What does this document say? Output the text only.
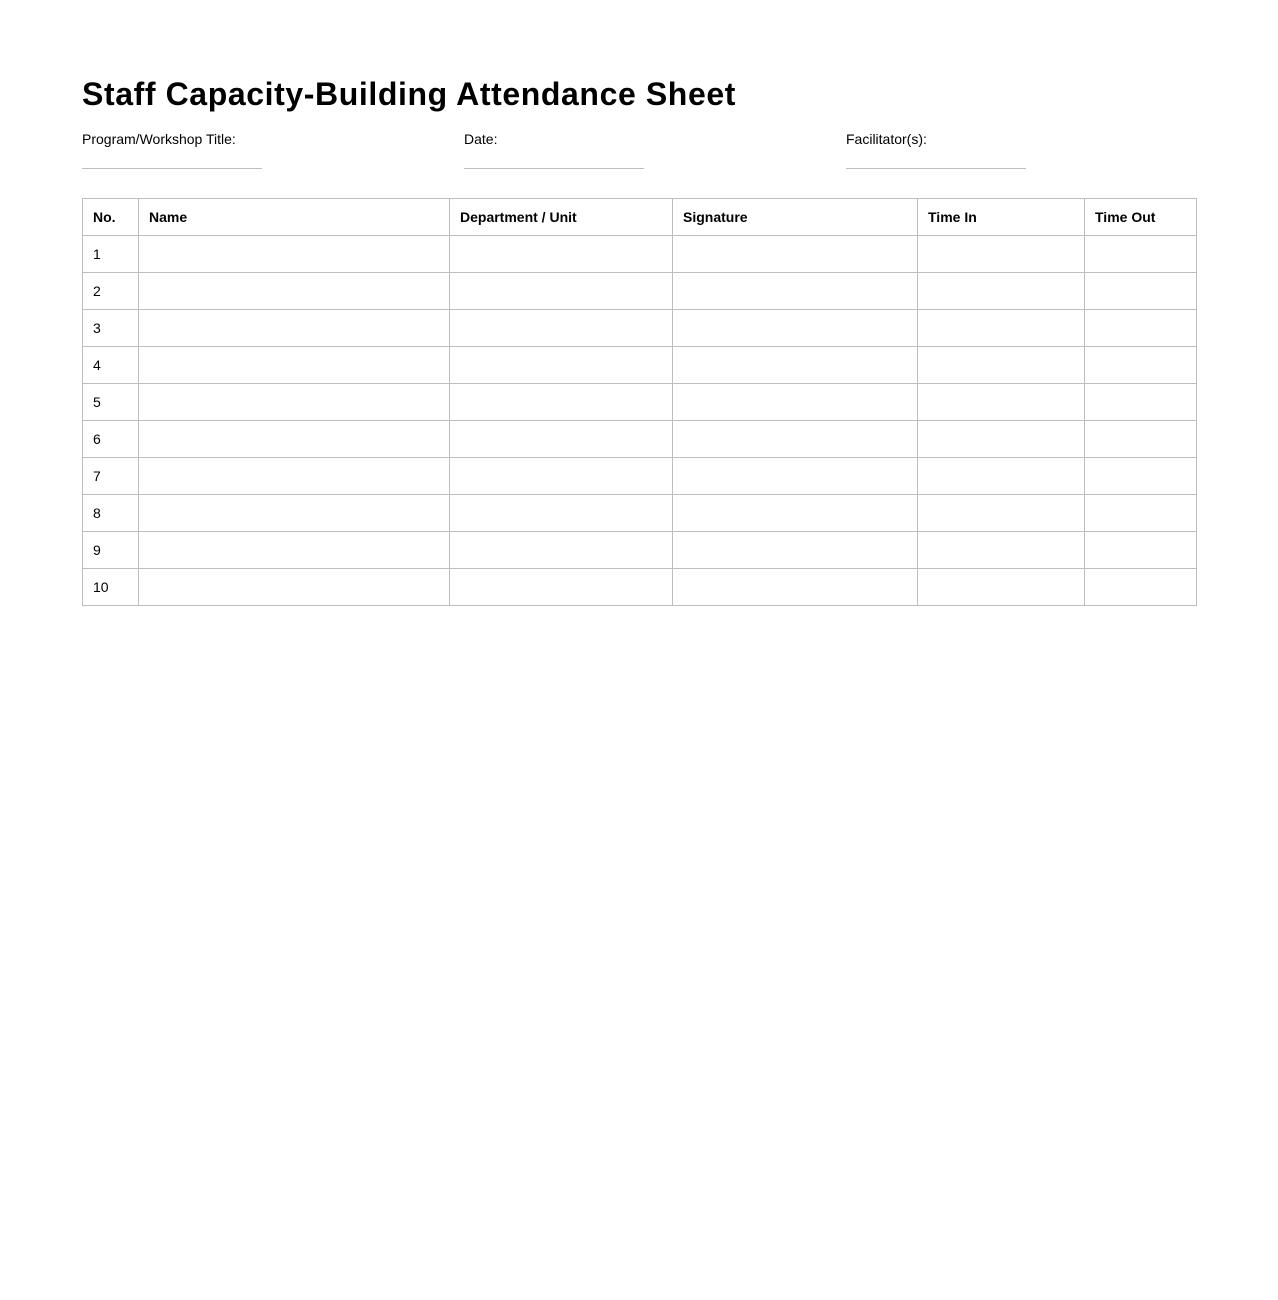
Staff Capacity-Building Attendance Sheet
Program/Workshop Title:	Date:	Facilitator(s):
No.	Name	Department / Unit	Signature	Time In	Time Out
1					
2					
3					
4					
5					
6					
7					
8					
9					
10					
